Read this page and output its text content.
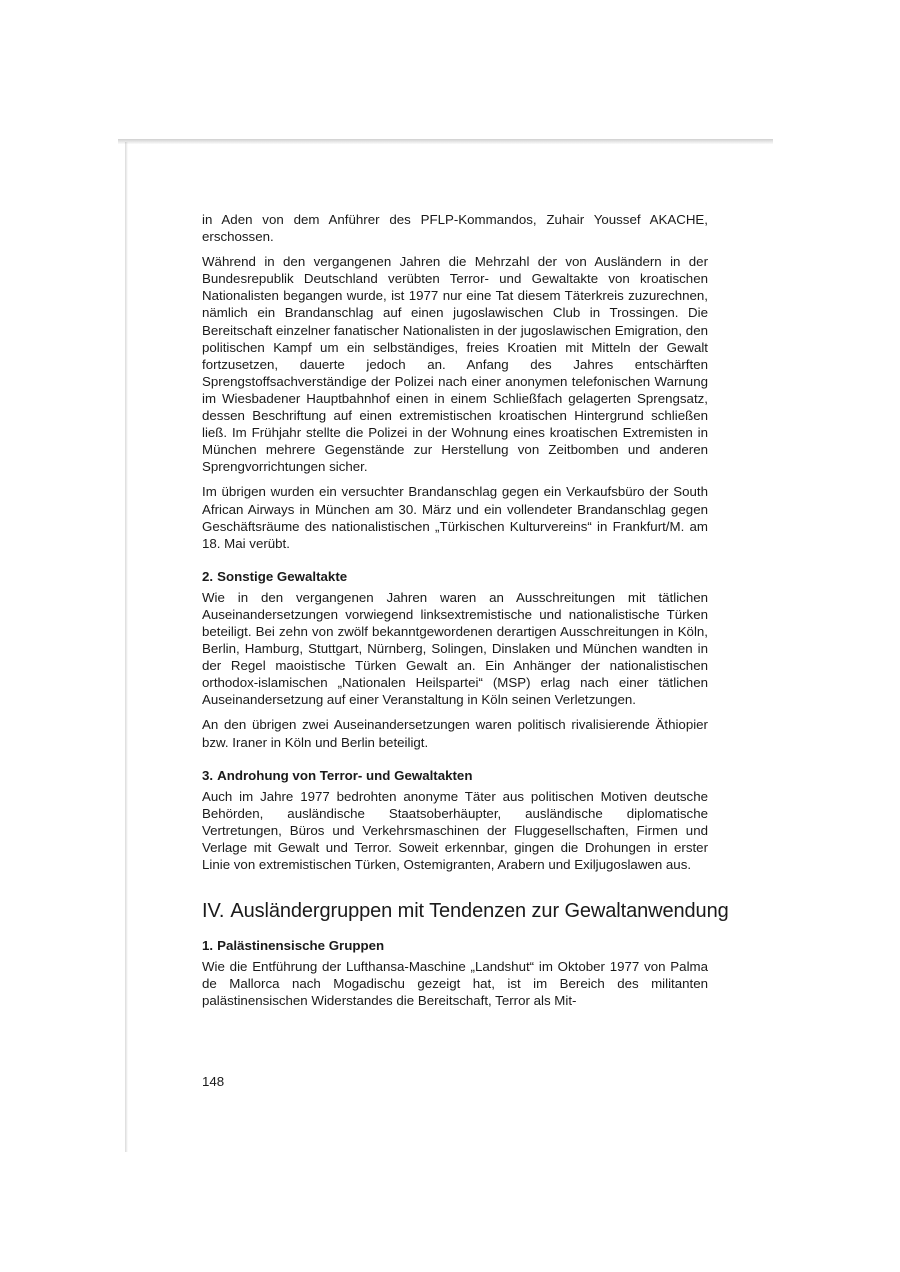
in Aden von dem Anführer des PFLP-Kommandos, Zuhair Youssef AKACHE, erschossen.

Während in den vergangenen Jahren die Mehrzahl der von Ausländern in der Bundesrepublik Deutschland verübten Terror- und Gewaltakte von kroatischen Nationalisten begangen wurde, ist 1977 nur eine Tat diesem Täterkreis zuzurechnen, nämlich ein Brandanschlag auf einen jugoslawischen Club in Trossingen. Die Bereitschaft einzelner fanatischer Nationalisten in der jugoslawischen Emigration, den politischen Kampf um ein selbständiges, freies Kroatien mit Mitteln der Gewalt fortzusetzen, dauerte jedoch an. Anfang des Jahres entschärften Sprengstoffsachverständige der Polizei nach einer anonymen telefonischen Warnung im Wiesbadener Hauptbahnhof einen in einem Schließfach gelagerten Sprengsatz, dessen Beschriftung auf einen extremistischen kroatischen Hintergrund schließen ließ. Im Frühjahr stellte die Polizei in der Wohnung eines kroatischen Extremisten in München mehrere Gegenstände zur Herstellung von Zeitbomben und anderen Sprengvorrichtungen sicher.

Im übrigen wurden ein versuchter Brandanschlag gegen ein Verkaufsbüro der South African Airways in München am 30. März und ein vollendeter Brandanschlag gegen Geschäftsräume des nationalistischen „Türkischen Kulturvereins“ in Frankfurt/M. am 18. Mai verübt.

2. Sonstige Gewaltakte

Wie in den vergangenen Jahren waren an Ausschreitungen mit tätlichen Auseinandersetzungen vorwiegend linksextremistische und nationalistische Türken beteiligt. Bei zehn von zwölf bekanntgewordenen derartigen Ausschreitungen in Köln, Berlin, Hamburg, Stuttgart, Nürnberg, Solingen, Dinslaken und München wandten in der Regel maoistische Türken Gewalt an. Ein Anhänger der nationalistischen orthodox-islamischen „Nationalen Heilspartei“ (MSP) erlag nach einer tätlichen Auseinandersetzung auf einer Veranstaltung in Köln seinen Verletzungen.

An den übrigen zwei Auseinandersetzungen waren politisch rivalisierende Äthiopier bzw. Iraner in Köln und Berlin beteiligt.

3. Androhung von Terror- und Gewaltakten

Auch im Jahre 1977 bedrohten anonyme Täter aus politischen Motiven deutsche Behörden, ausländische Staatsoberhäupter, ausländische diplomatische Vertretungen, Büros und Verkehrsmaschinen der Fluggesellschaften, Firmen und Verlage mit Gewalt und Terror. Soweit erkennbar, gingen die Drohungen in erster Linie von extremistischen Türken, Ostemigranten, Arabern und Exiljugoslawen aus.

IV. Ausländergruppen mit Tendenzen zur Gewaltanwendung
1. Palästinensische Gruppen

Wie die Entführung der Lufthansa-Maschine „Landshut“ im Oktober 1977 von Palma de Mallorca nach Mogadischu gezeigt hat, ist im Bereich des militanten palästinensischen Widerstandes die Bereitschaft, Terror als Mit-

148
